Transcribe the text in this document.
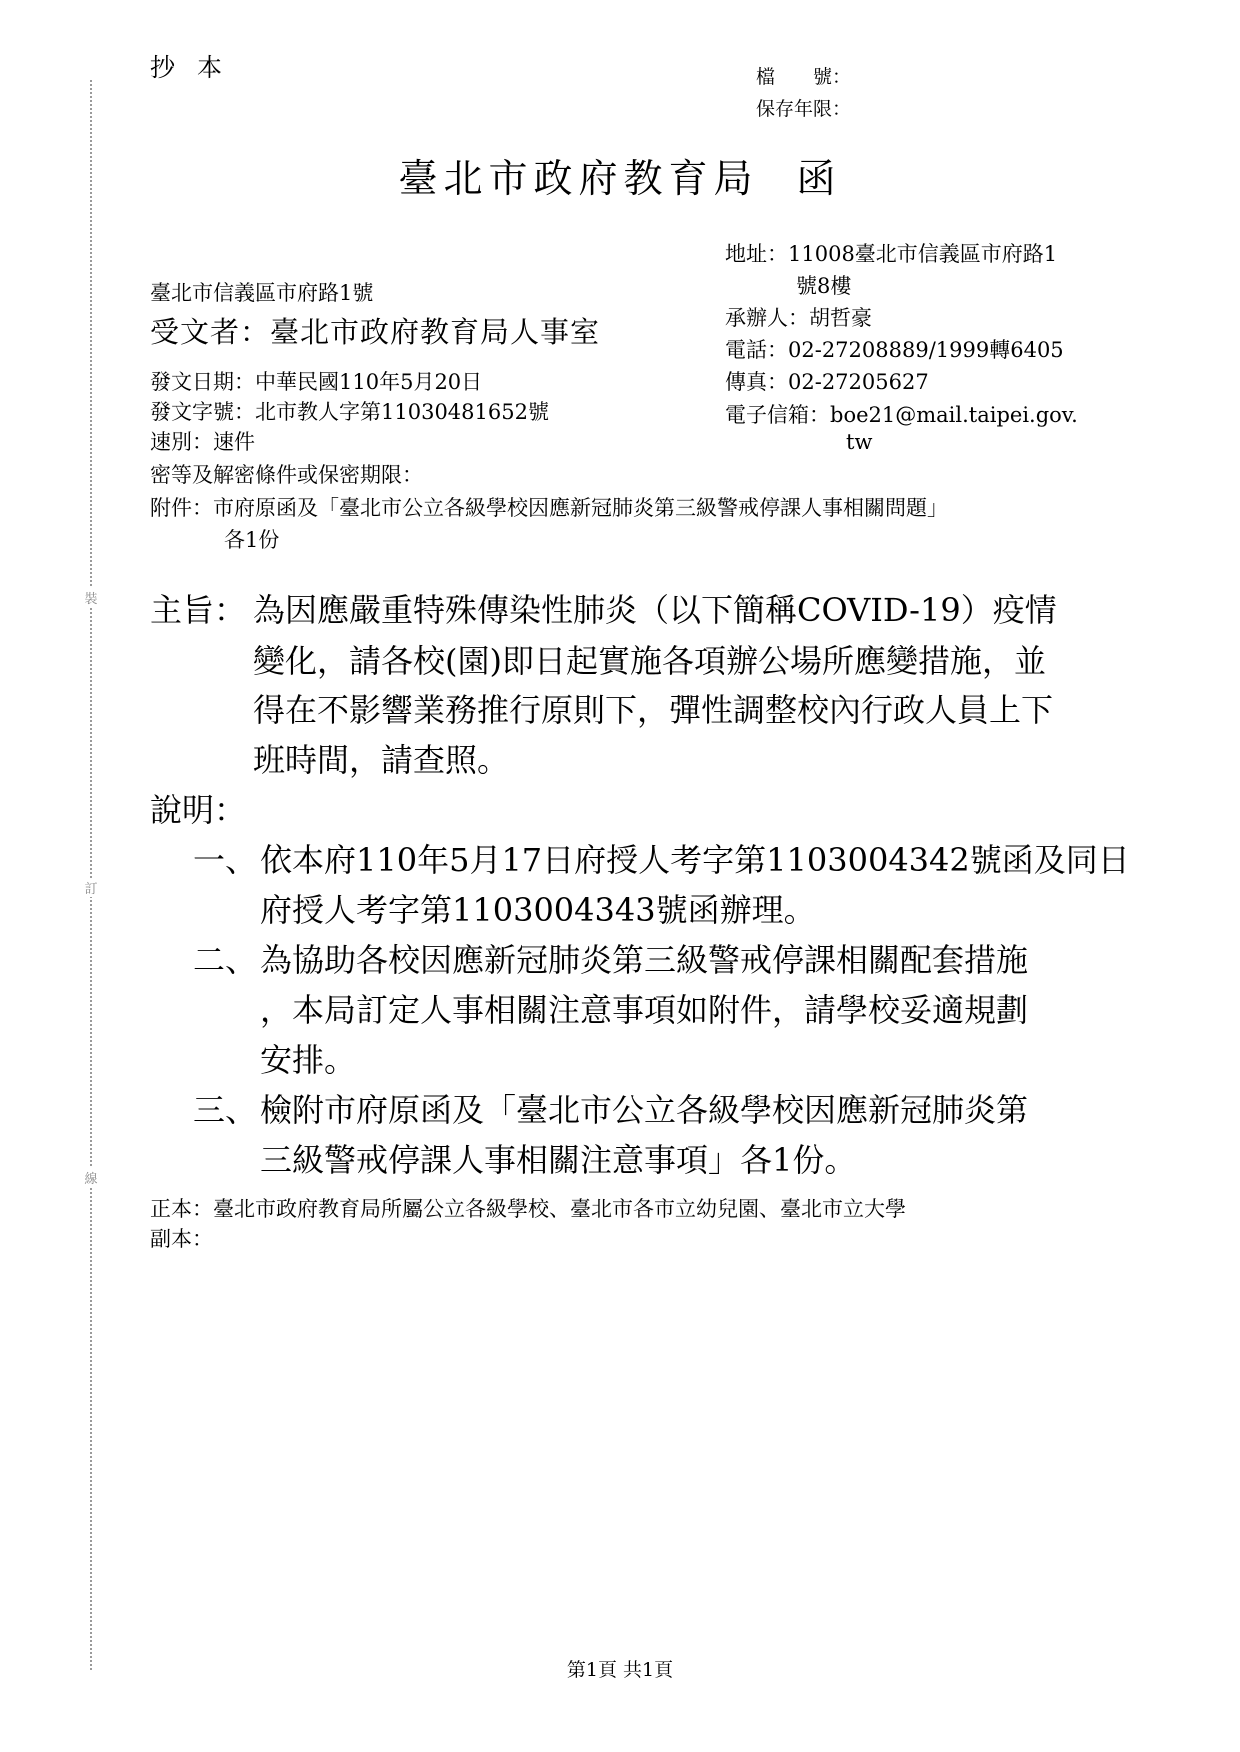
裝
訂
線
抄本	檔　　號：
保存年限：
臺北市政府教育局 函
臺北市信義區市府路1號
受文者：臺北市政府教育局人事室
發文日期：中華民國110年5月20日
發文字號：北市教人字第11030481652號
速別：速件
密等及解密條件或保密期限：
附件：市府原函及「臺北市公立各級學校因應新冠肺炎第三級警戒停課人事相關問題」
各1份
地址：11008臺北市信義區市府路1
號8樓
承辦人：胡哲豪
電話：02-27208889/1999轉6405
傳真：02-27205627
電子信箱：boe21@mail.taipei.gov.
tw
主旨： 為因應嚴重特殊傳染性肺炎（以下簡稱COVID-19）疫情
變化，請各校(園)即日起實施各項辦公場所應變措施，並
得在不影響業務推行原則下，彈性調整校內行政人員上下
班時間，請查照。
說明：
一、 依本府110年5月17日府授人考字第1103004342號函及同日
府授人考字第1103004343號函辦理。
二、 為協助各校因應新冠肺炎第三級警戒停課相關配套措施
，本局訂定人事相關注意事項如附件，請學校妥適規劃
安排。
三、 檢附市府原函及「臺北市公立各級學校因應新冠肺炎第
三級警戒停課人事相關注意事項」各1份。
正本：臺北市政府教育局所屬公立各級學校、臺北市各市立幼兒園、臺北市立大學
副本：
第1頁 共1頁
